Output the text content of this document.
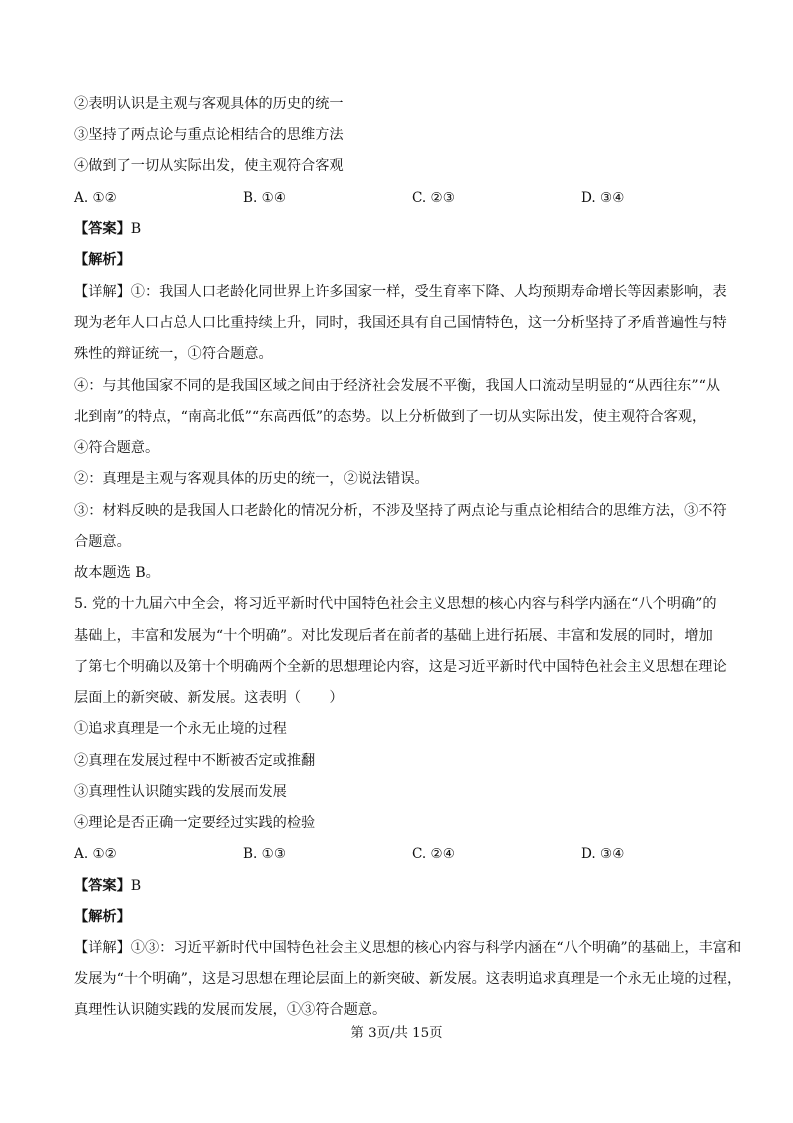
②表明认识是主观与客观具体的历史的统一
③坚持了两点论与重点论相结合的思维方法
④做到了一切从实际出发，使主观符合客观
A. ①②	B. ①④	C. ②③	D. ③④
【答案】B
【解析】
【详解】①：我国人口老龄化同世界上许多国家一样，受生育率下降、人均预期寿命增长等因素影响，表
现为老年人口占总人口比重持续上升，同时，我国还具有自己国情特色，这一分析坚持了矛盾普遍性与特
殊性的辩证统一，①符合题意。
④：与其他国家不同的是我国区域之间由于经济社会发展不平衡，我国人口流动呈明显的“从西往东”“从
北到南”的特点，“南高北低”“东高西低”的态势。以上分析做到了一切从实际出发，使主观符合客观，
④符合题意。
②：真理是主观与客观具体的历史的统一，②说法错误。
③：材料反映的是我国人口老龄化的情况分析，不涉及坚持了两点论与重点论相结合的思维方法，③不符
合题意。
故本题选 B。
5. 党的十九届六中全会，将习近平新时代中国特色社会主义思想的核心内容与科学内涵在“八个明确”的
基础上，丰富和发展为“十个明确”。对比发现后者在前者的基础上进行拓展、丰富和发展的同时，增加
了第七个明确以及第十个明确两个全新的思想理论内容，这是习近平新时代中国特色社会主义思想在理论
层面上的新突破、新发展。这表明（　　）
①追求真理是一个永无止境的过程
②真理在发展过程中不断被否定或推翻
③真理性认识随实践的发展而发展
④理论是否正确一定要经过实践的检验
A. ①②	B. ①③	C. ②④	D. ③④
【答案】B
【解析】
【详解】①③：习近平新时代中国特色社会主义思想的核心内容与科学内涵在“八个明确”的基础上，丰富和
发展为“十个明确”，这是习思想在理论层面上的新突破、新发展。这表明追求真理是一个永无止境的过程，
真理性认识随实践的发展而发展，①③符合题意。
第 3页/共 15页
